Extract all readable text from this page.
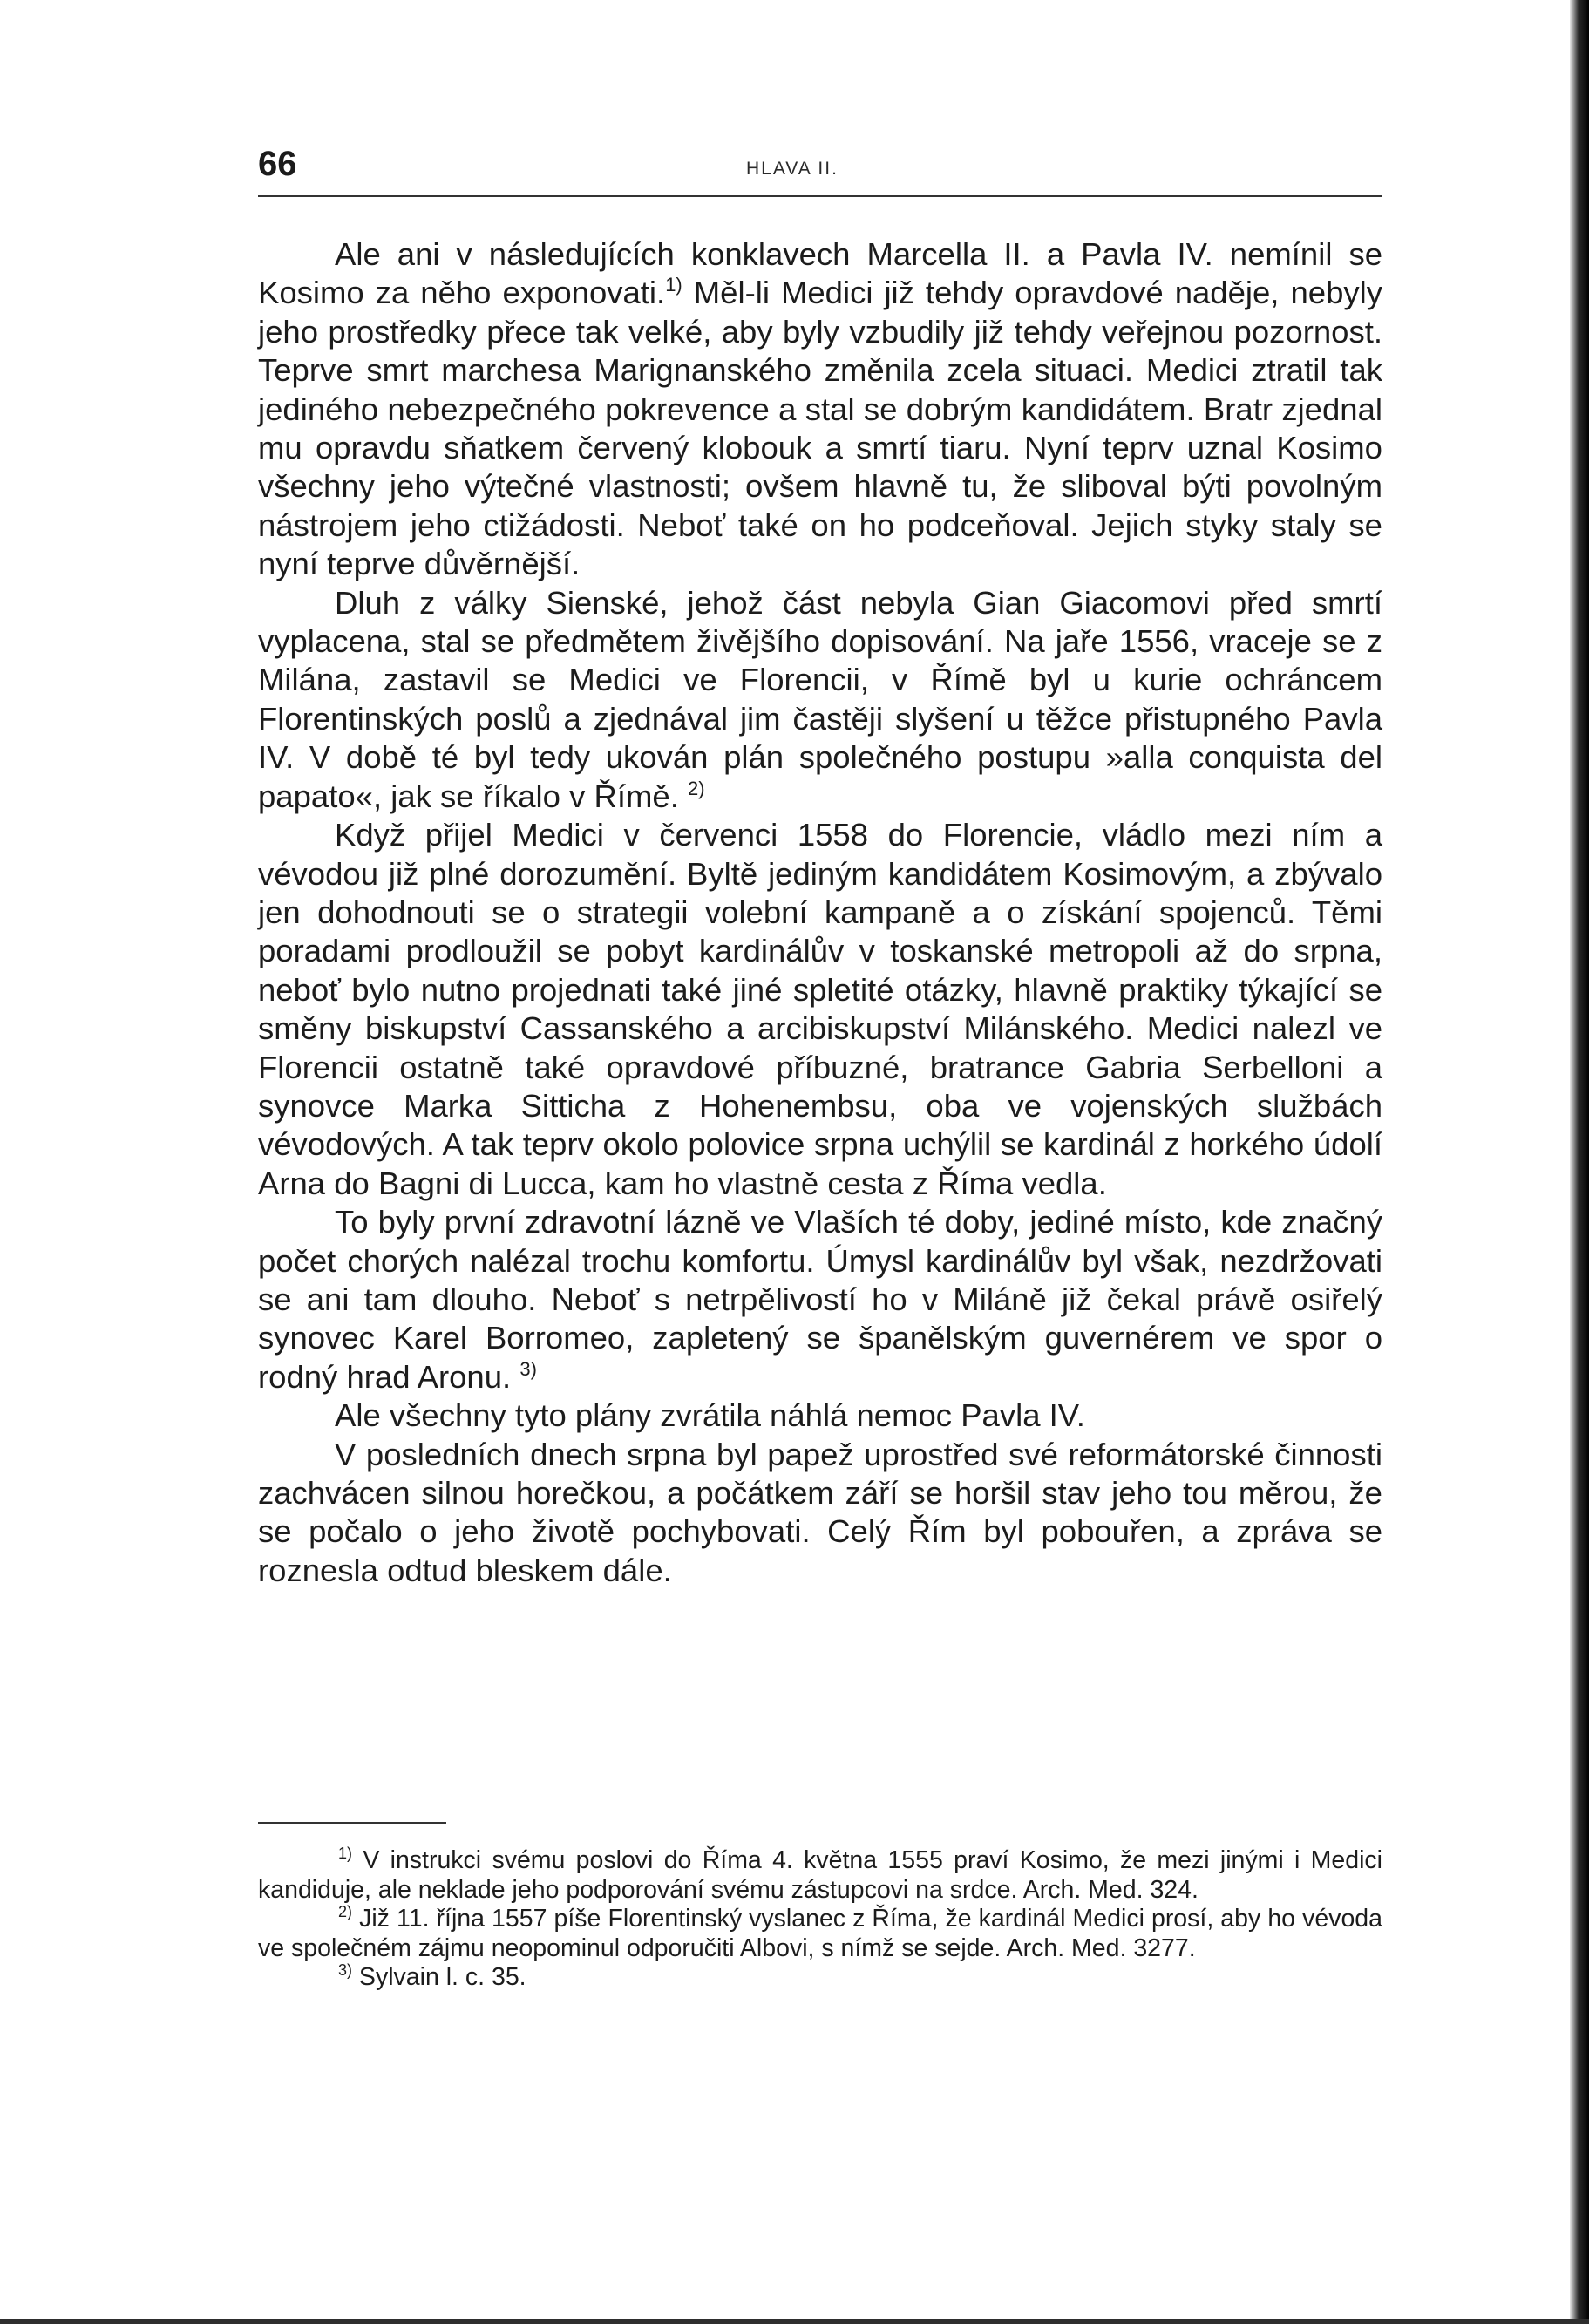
66	HLAVA II.

Ale ani v následujících konklavech Marcella II. a Pavla IV. nemínil se Kosimo za něho exponovati.$^{1)}$ Měl-li Medici již tehdy opravdové naděje, nebyly jeho prostředky přece tak velké, aby byly vzbudily již tehdy veřejnou pozornost. Teprve smrt marchesa Marignanského změnila zcela situaci. Medici ztratil tak jediného nebezpečného pokrevence a stal se dobrým kandidátem. Bratr zjednal mu opravdu sňatkem červený klobouk a smrtí tiaru. Nyní teprv uznal Kosimo všechny jeho výtečné vlastnosti; ovšem hlavně tu, že sliboval býti povolným nástrojem jeho ctižádosti. Neboť také on ho podceňoval. Jejich styky staly se nyní teprve důvěrnější.

Dluh z války Sienské, jehož část nebyla Gian Giacomovi před smrtí vyplacena, stal se předmětem živějšího dopisování. Na jaře 1556, vraceje se z Milána, zastavil se Medici ve Florencii, v Římě byl u kurie ochráncem Florentinských poslů a zjednával jim častěji slyšení u těžce přistupného Pavla IV. V době té byl tedy ukován plán společného postupu »alla conquista del papato«, jak se říkalo v Římě. $^{2)}$

Když přijel Medici v červenci 1558 do Florencie, vládlo mezi ním a vévodou již plné dorozumění. Byltě jediným kandidátem Kosimovým, a zbývalo jen dohodnouti se o strategii volební kampaně a o získání spojenců. Těmi poradami prodloužil se pobyt kardinálův v toskanské metropoli až do srpna, neboť bylo nutno projednati také jiné spletité otázky, hlavně praktiky týkající se směny biskupství Cassanského a arcibiskupství Milánského. Medici nalezl ve Florencii ostatně také opravdové příbuzné, bratrance Gabria Serbelloni a synovce Marka Sitticha z Hohenembsu, oba ve vojenských službách vévodových. A tak teprv okolo polovice srpna uchýlil se kardinál z horkého údolí Arna do Bagni di Lucca, kam ho vlastně cesta z Říma vedla.

To byly první zdravotní lázně ve Vlaších té doby, jediné místo, kde značný počet chorých nalézal trochu komfortu. Úmysl kardinálův byl však, nezdržovati se ani tam dlouho. Neboť s netrpělivostí ho v Miláně již čekal právě osiřelý synovec Karel Borromeo, zapletený se španělským guvernérem ve spor o rodný hrad Aronu. $^{3)}$

Ale všechny tyto plány zvrátila náhlá nemoc Pavla IV.

V posledních dnech srpna byl papež uprostřed své reformátorské činnosti zachvácen silnou horečkou, a počátkem září se horšil stav jeho tou měrou, že se počalo o jeho životě pochybovati. Celý Řím byl pobouřen, a zpráva se roznesla odtud bleskem dále.

$^{1)}$ V instrukci svému poslovi do Říma 4. května 1555 praví Kosimo, že mezi jinými i Medici kandiduje, ale neklade jeho podporování svému zástupcovi na srdce. Arch. Med. 324.

$^{2)}$ Již 11. října 1557 píše Florentinský vyslanec z Říma, že kardinál Medici prosí, aby ho vévoda ve společném zájmu neopominul odporučiti Albovi, s nímž se sejde. Arch. Med. 3277.

$^{3)}$ Sylvain l. c. 35.
